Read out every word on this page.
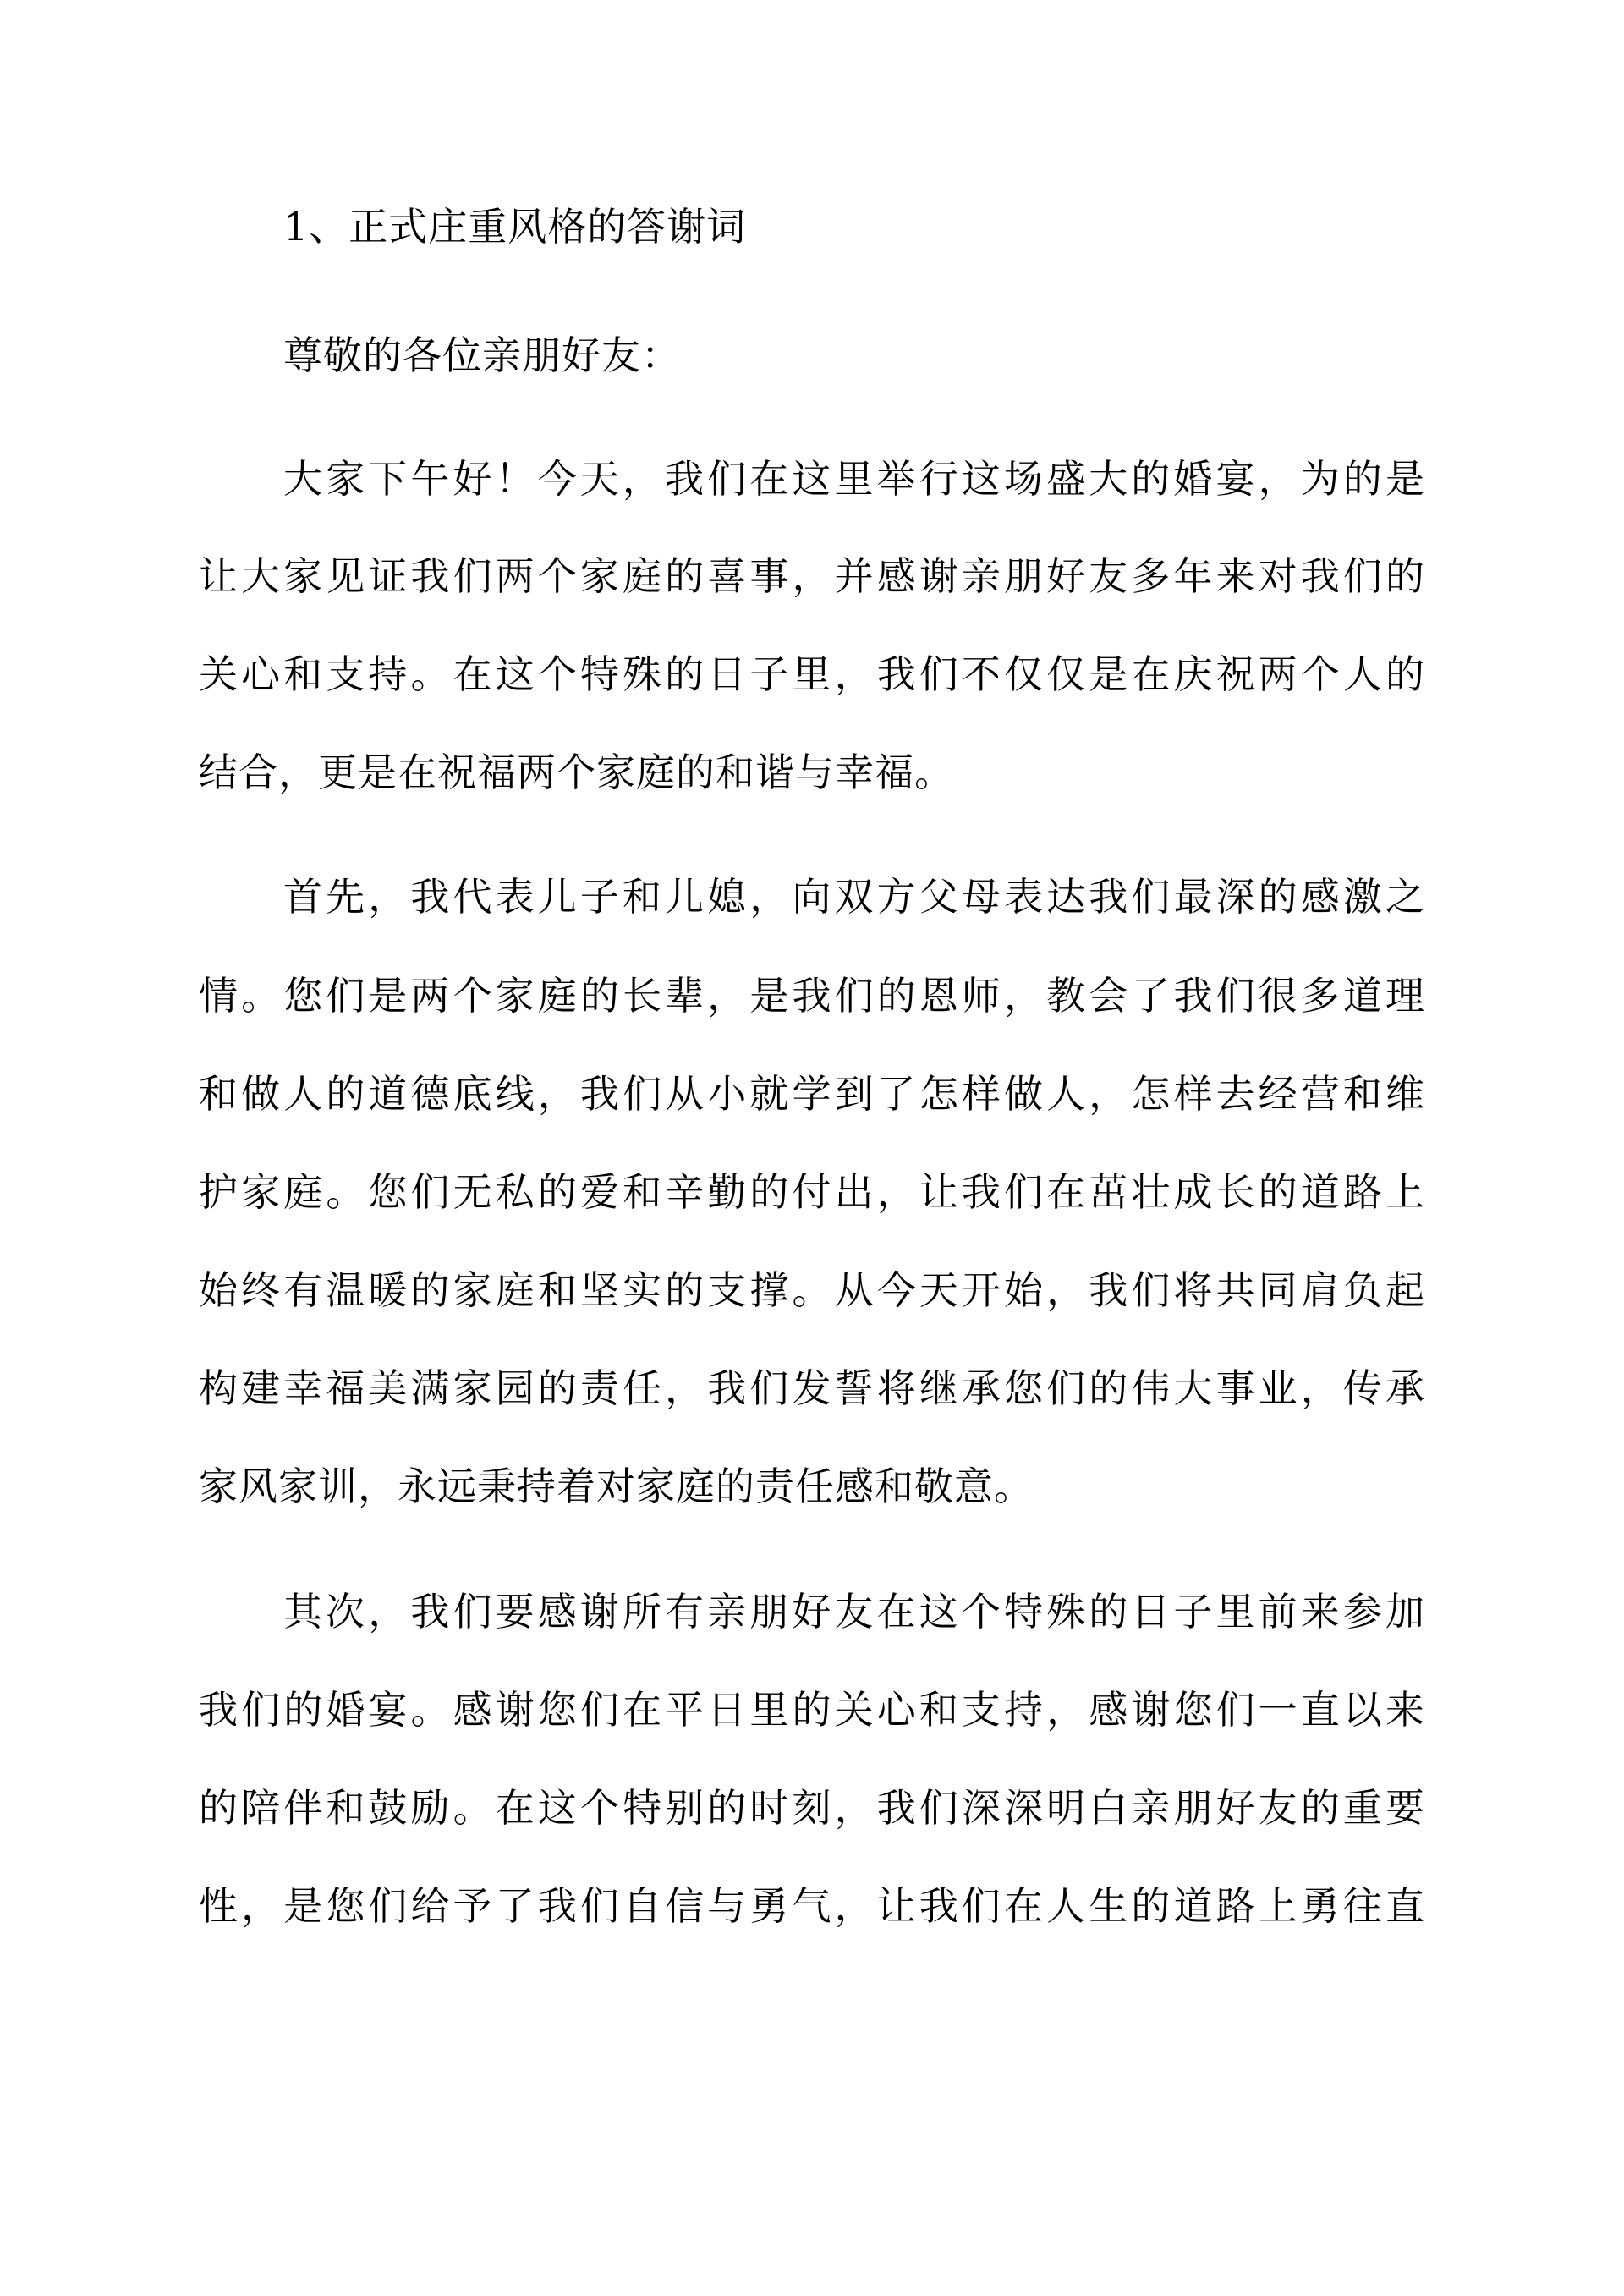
1、正式庄重风格的答谢词
尊敬的各位亲朋好友：
大家下午好！今天，我们在这里举行这场盛大的婚宴，为的是
让大家见证我们两个家庭的喜事，并感谢亲朋好友多年来对我们的
关心和支持。在这个特殊的日子里，我们不仅仅是在庆祝两个人的
结合，更是在祝福两个家庭的和谐与幸福。
首先，我代表儿子和儿媳，向双方父母表达我们最深的感激之
情。您们是两个家庭的长辈，是我们的恩师，教会了我们很多道理
和做人的道德底线，我们从小就学到了怎样做人，怎样去经营和维
护家庭。您们无私的爱和辛勤的付出，让我们在茁壮成长的道路上
始终有温暖的家庭和坚实的支撑。从今天开始，我们将共同肩负起
构建幸福美满家园的责任，我们发誓将继承您们的伟大事业，传承
家风家训，永远秉持着对家庭的责任感和敬意。
其次，我们要感谢所有亲朋好友在这个特殊的日子里前来参加
我们的婚宴。感谢您们在平日里的关心和支持，感谢您们一直以来
的陪伴和鼓励。在这个特别的时刻，我们深深明白亲朋好友的重要
性，是您们给予了我们自信与勇气，让我们在人生的道路上勇往直
